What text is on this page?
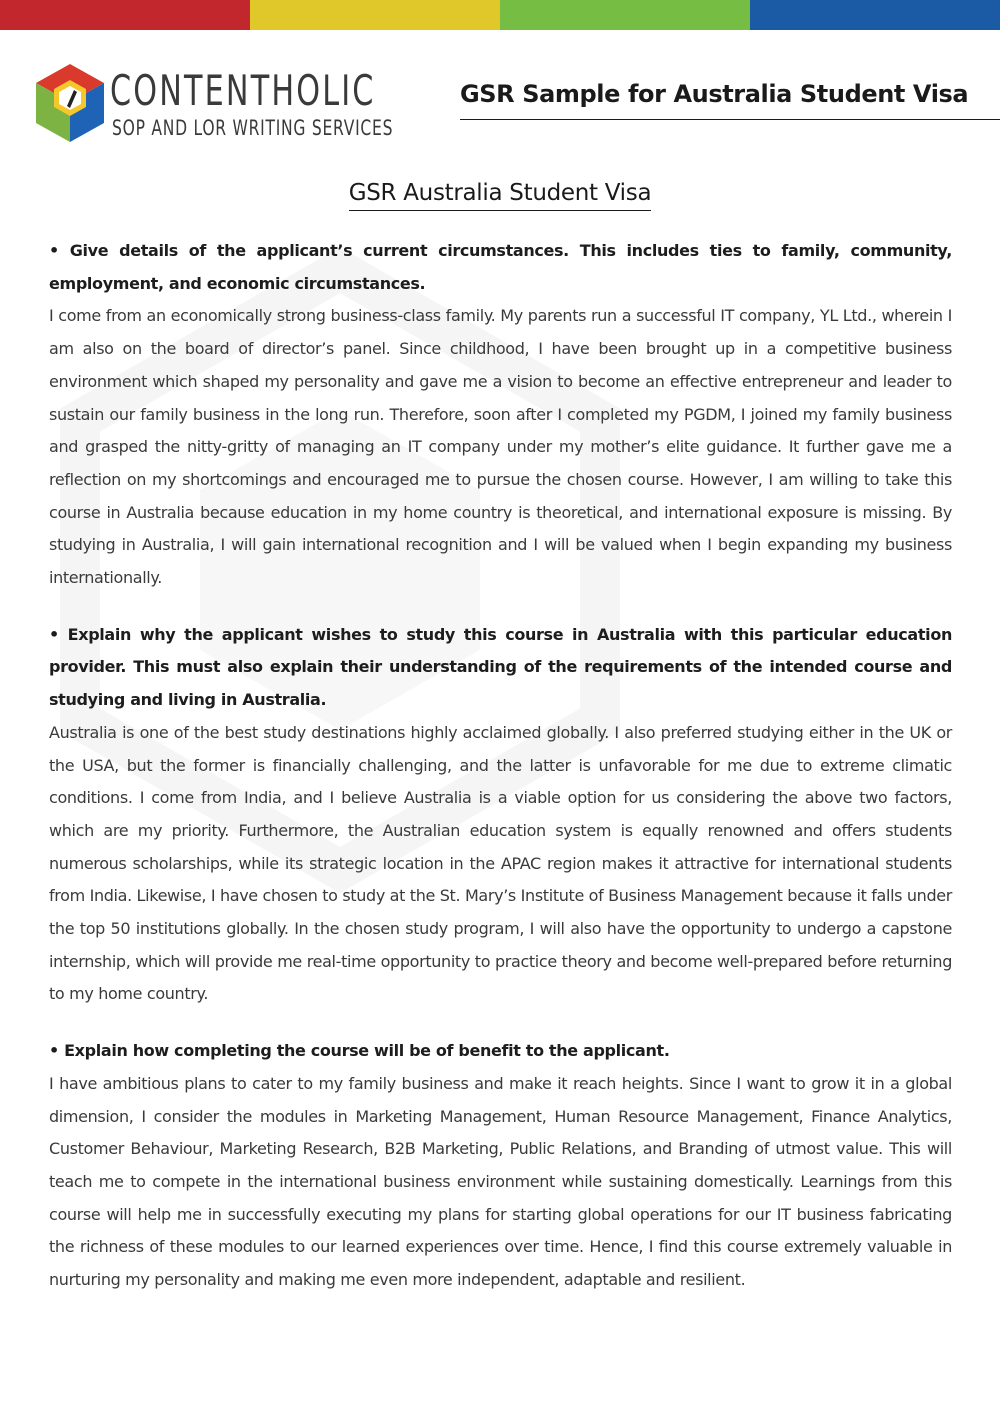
CONTENTHOLIC
SOP AND LOR WRITING SERVICES
GSR Sample for Australia Student Visa
GSR Australia Student Visa

• Give details of the applicant’s current circumstances. This includes ties to family, community, employment, and economic circumstances.

I come from an economically strong business-class family. My parents run a successful IT company, YL Ltd., wherein I am also on the board of director’s panel. Since childhood, I have been brought up in a competitive business environment which shaped my personality and gave me a vision to become an effective entrepreneur and leader to sustain our family business in the long run. Therefore, soon after I completed my PGDM, I joined my family business and grasped the nitty-gritty of managing an IT company under my mother’s elite guidance. It further gave me a reflection on my shortcomings and encouraged me to pursue the chosen course. However, I am willing to take this course in Australia because education in my home country is theoretical, and international exposure is missing. By studying in Australia, I will gain international recognition and I will be valued when I begin expanding my business internationally.

• Explain why the applicant wishes to study this course in Australia with this particular education provider. This must also explain their understanding of the requirements of the intended course and studying and living in Australia.

Australia is one of the best study destinations highly acclaimed globally. I also preferred studying either in the UK or the USA, but the former is financially challenging, and the latter is unfavorable for me due to extreme climatic conditions. I come from India, and I believe Australia is a viable option for us considering the above two factors, which are my priority. Furthermore, the Australian education system is equally renowned and offers students numerous scholarships, while its strategic location in the APAC region makes it attractive for international students from India. Likewise, I have chosen to study at the St. Mary’s Institute of Business Management because it falls under the top 50 institutions globally. In the chosen study program, I will also have the opportunity to undergo a capstone internship, which will provide me real-time opportunity to practice theory and become well-prepared before returning to my home country.

• Explain how completing the course will be of benefit to the applicant.

I have ambitious plans to cater to my family business and make it reach heights. Since I want to grow it in a global dimension, I consider the modules in Marketing Management, Human Resource Management, Finance Analytics, Customer Behaviour, Marketing Research, B2B Marketing, Public Relations, and Branding of utmost value. This will teach me to compete in the international business environment while sustaining domestically. Learnings from this course will help me in successfully executing my plans for starting global operations for our IT business fabricating the richness of these modules to our learned experiences over time. Hence, I find this course extremely valuable in nurturing my personality and making me even more independent, adaptable and resilient.
